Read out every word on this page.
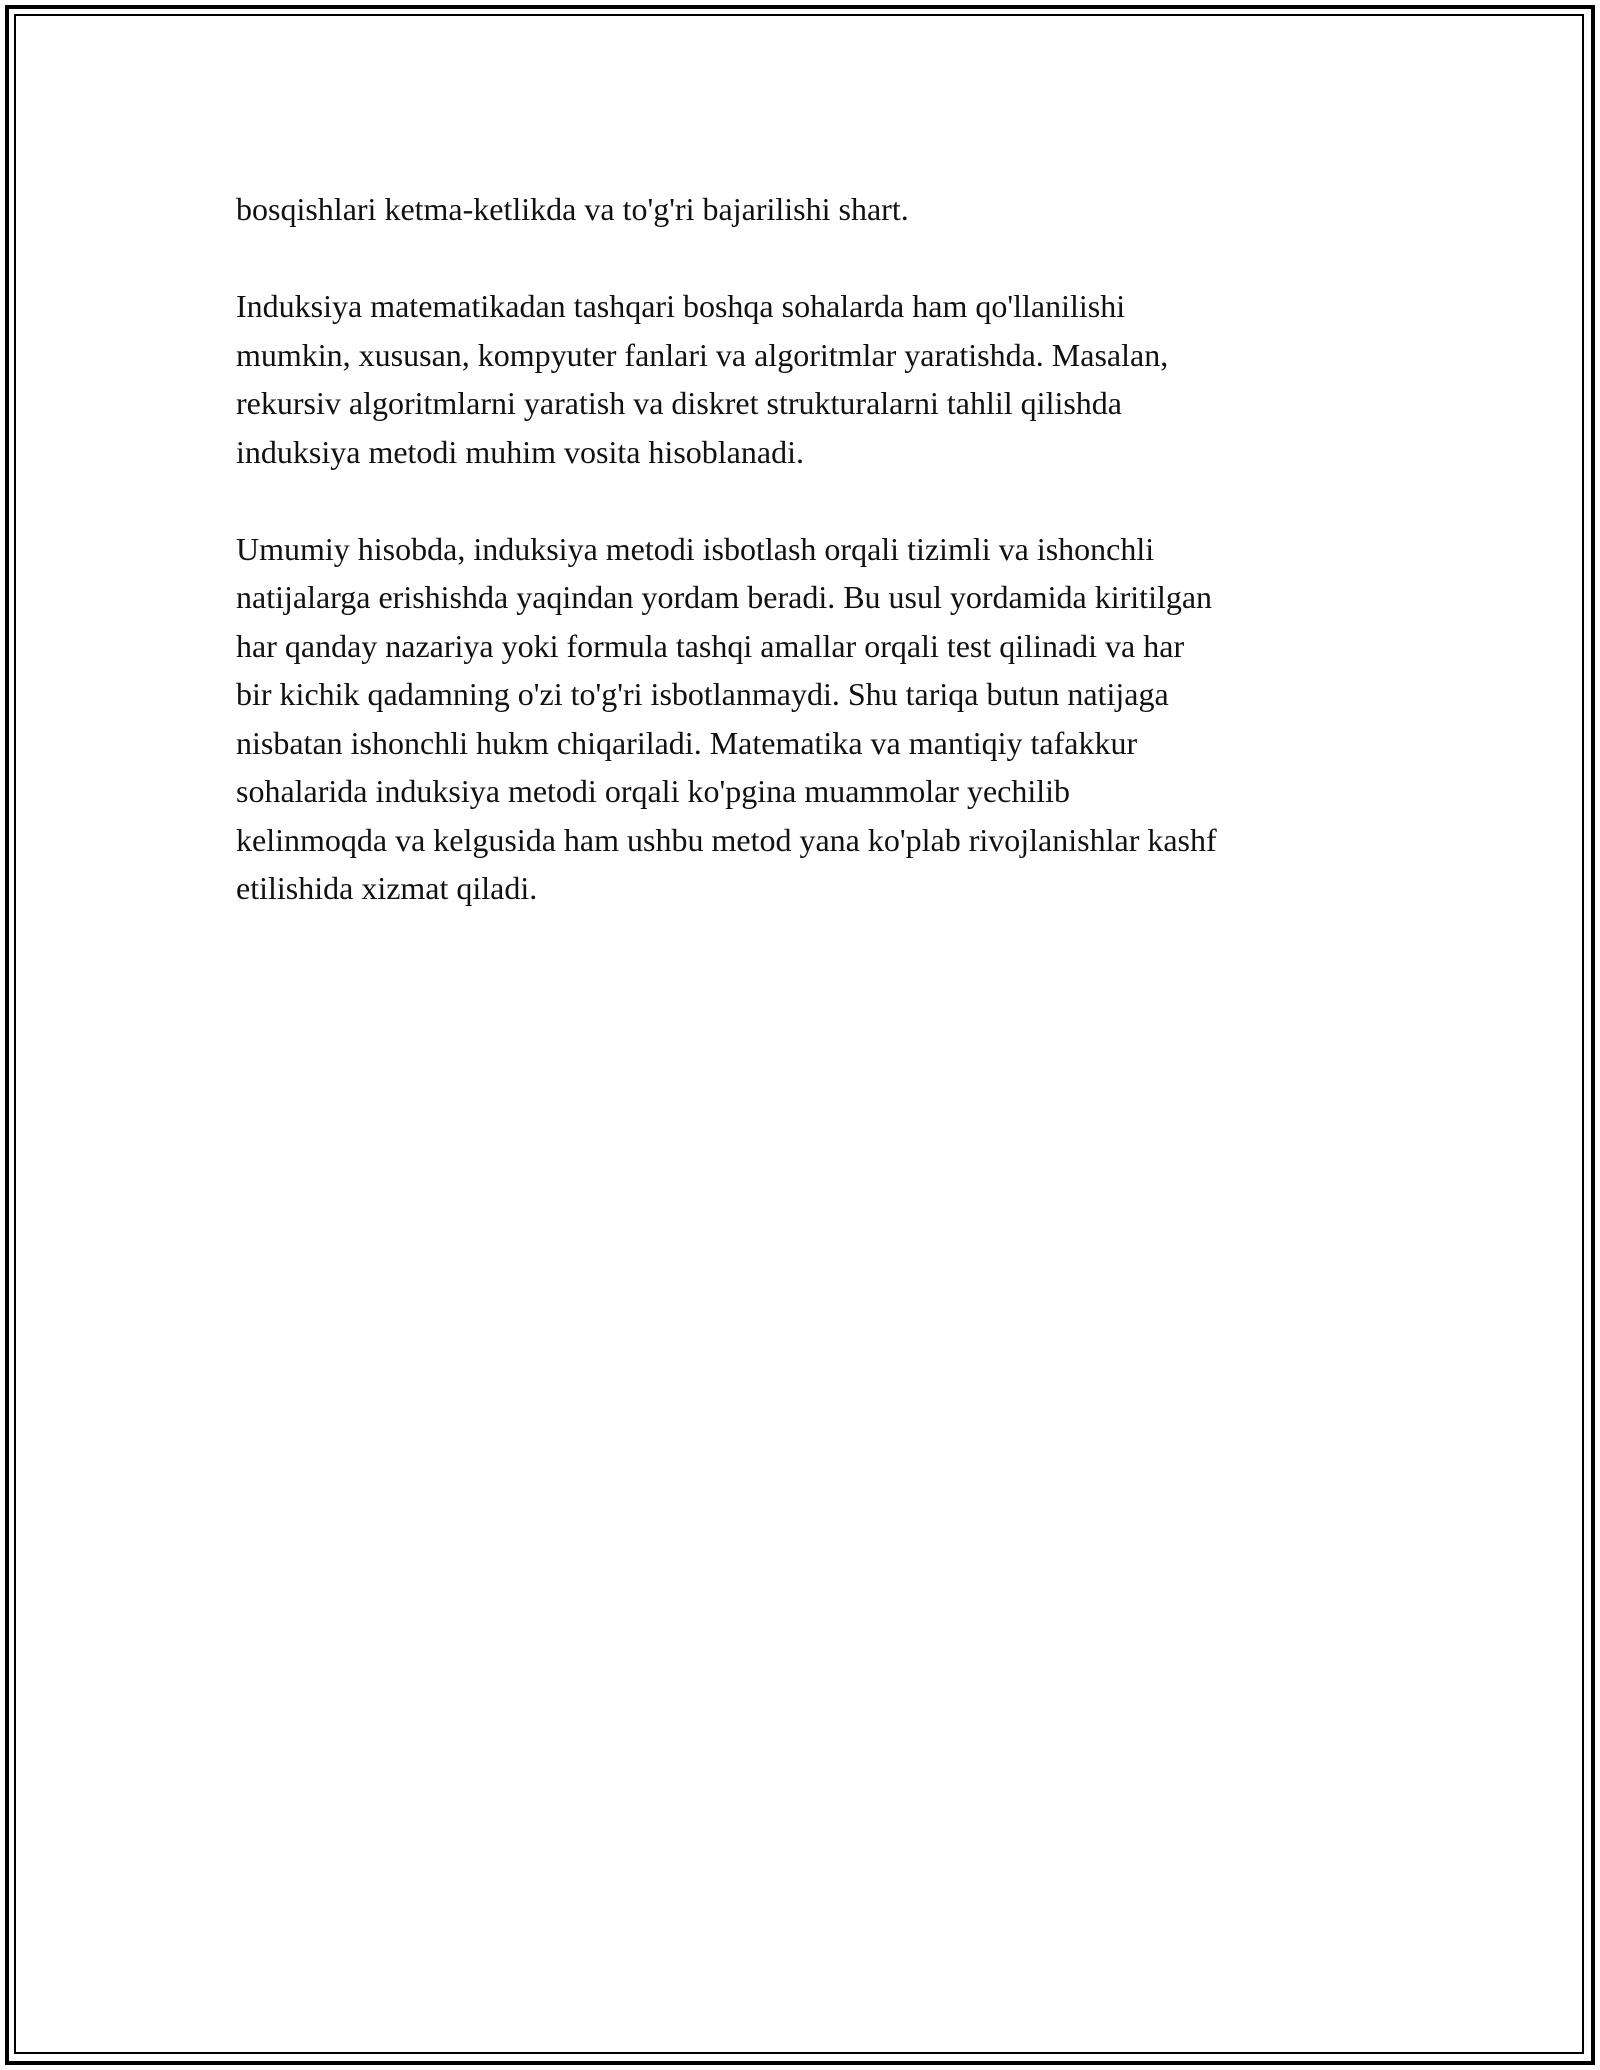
bosqishlari ketma-ketlikda va to'g'ri bajarilishi shart.

Induksiya matematikadan tashqari boshqa sohalarda ham qo'llanilishi
mumkin, xususan, kompyuter fanlari va algoritmlar yaratishda. Masalan,
rekursiv algoritmlarni yaratish va diskret strukturalarni tahlil qilishda
induksiya metodi muhim vosita hisoblanadi.

Umumiy hisobda, induksiya metodi isbotlash orqali tizimli va ishonchli
natijalarga erishishda yaqindan yordam beradi. Bu usul yordamida kiritilgan
har qanday nazariya yoki formula tashqi amallar orqali test qilinadi va har
bir kichik qadamning o'zi to'g'ri isbotlanmaydi. Shu tariqa butun natijaga
nisbatan ishonchli hukm chiqariladi. Matematika va mantiqiy tafakkur
sohalarida induksiya metodi orqali ko'pgina muammolar yechilib
kelinmoqda va kelgusida ham ushbu metod yana ko'plab rivojlanishlar kashf
etilishida xizmat qiladi.
